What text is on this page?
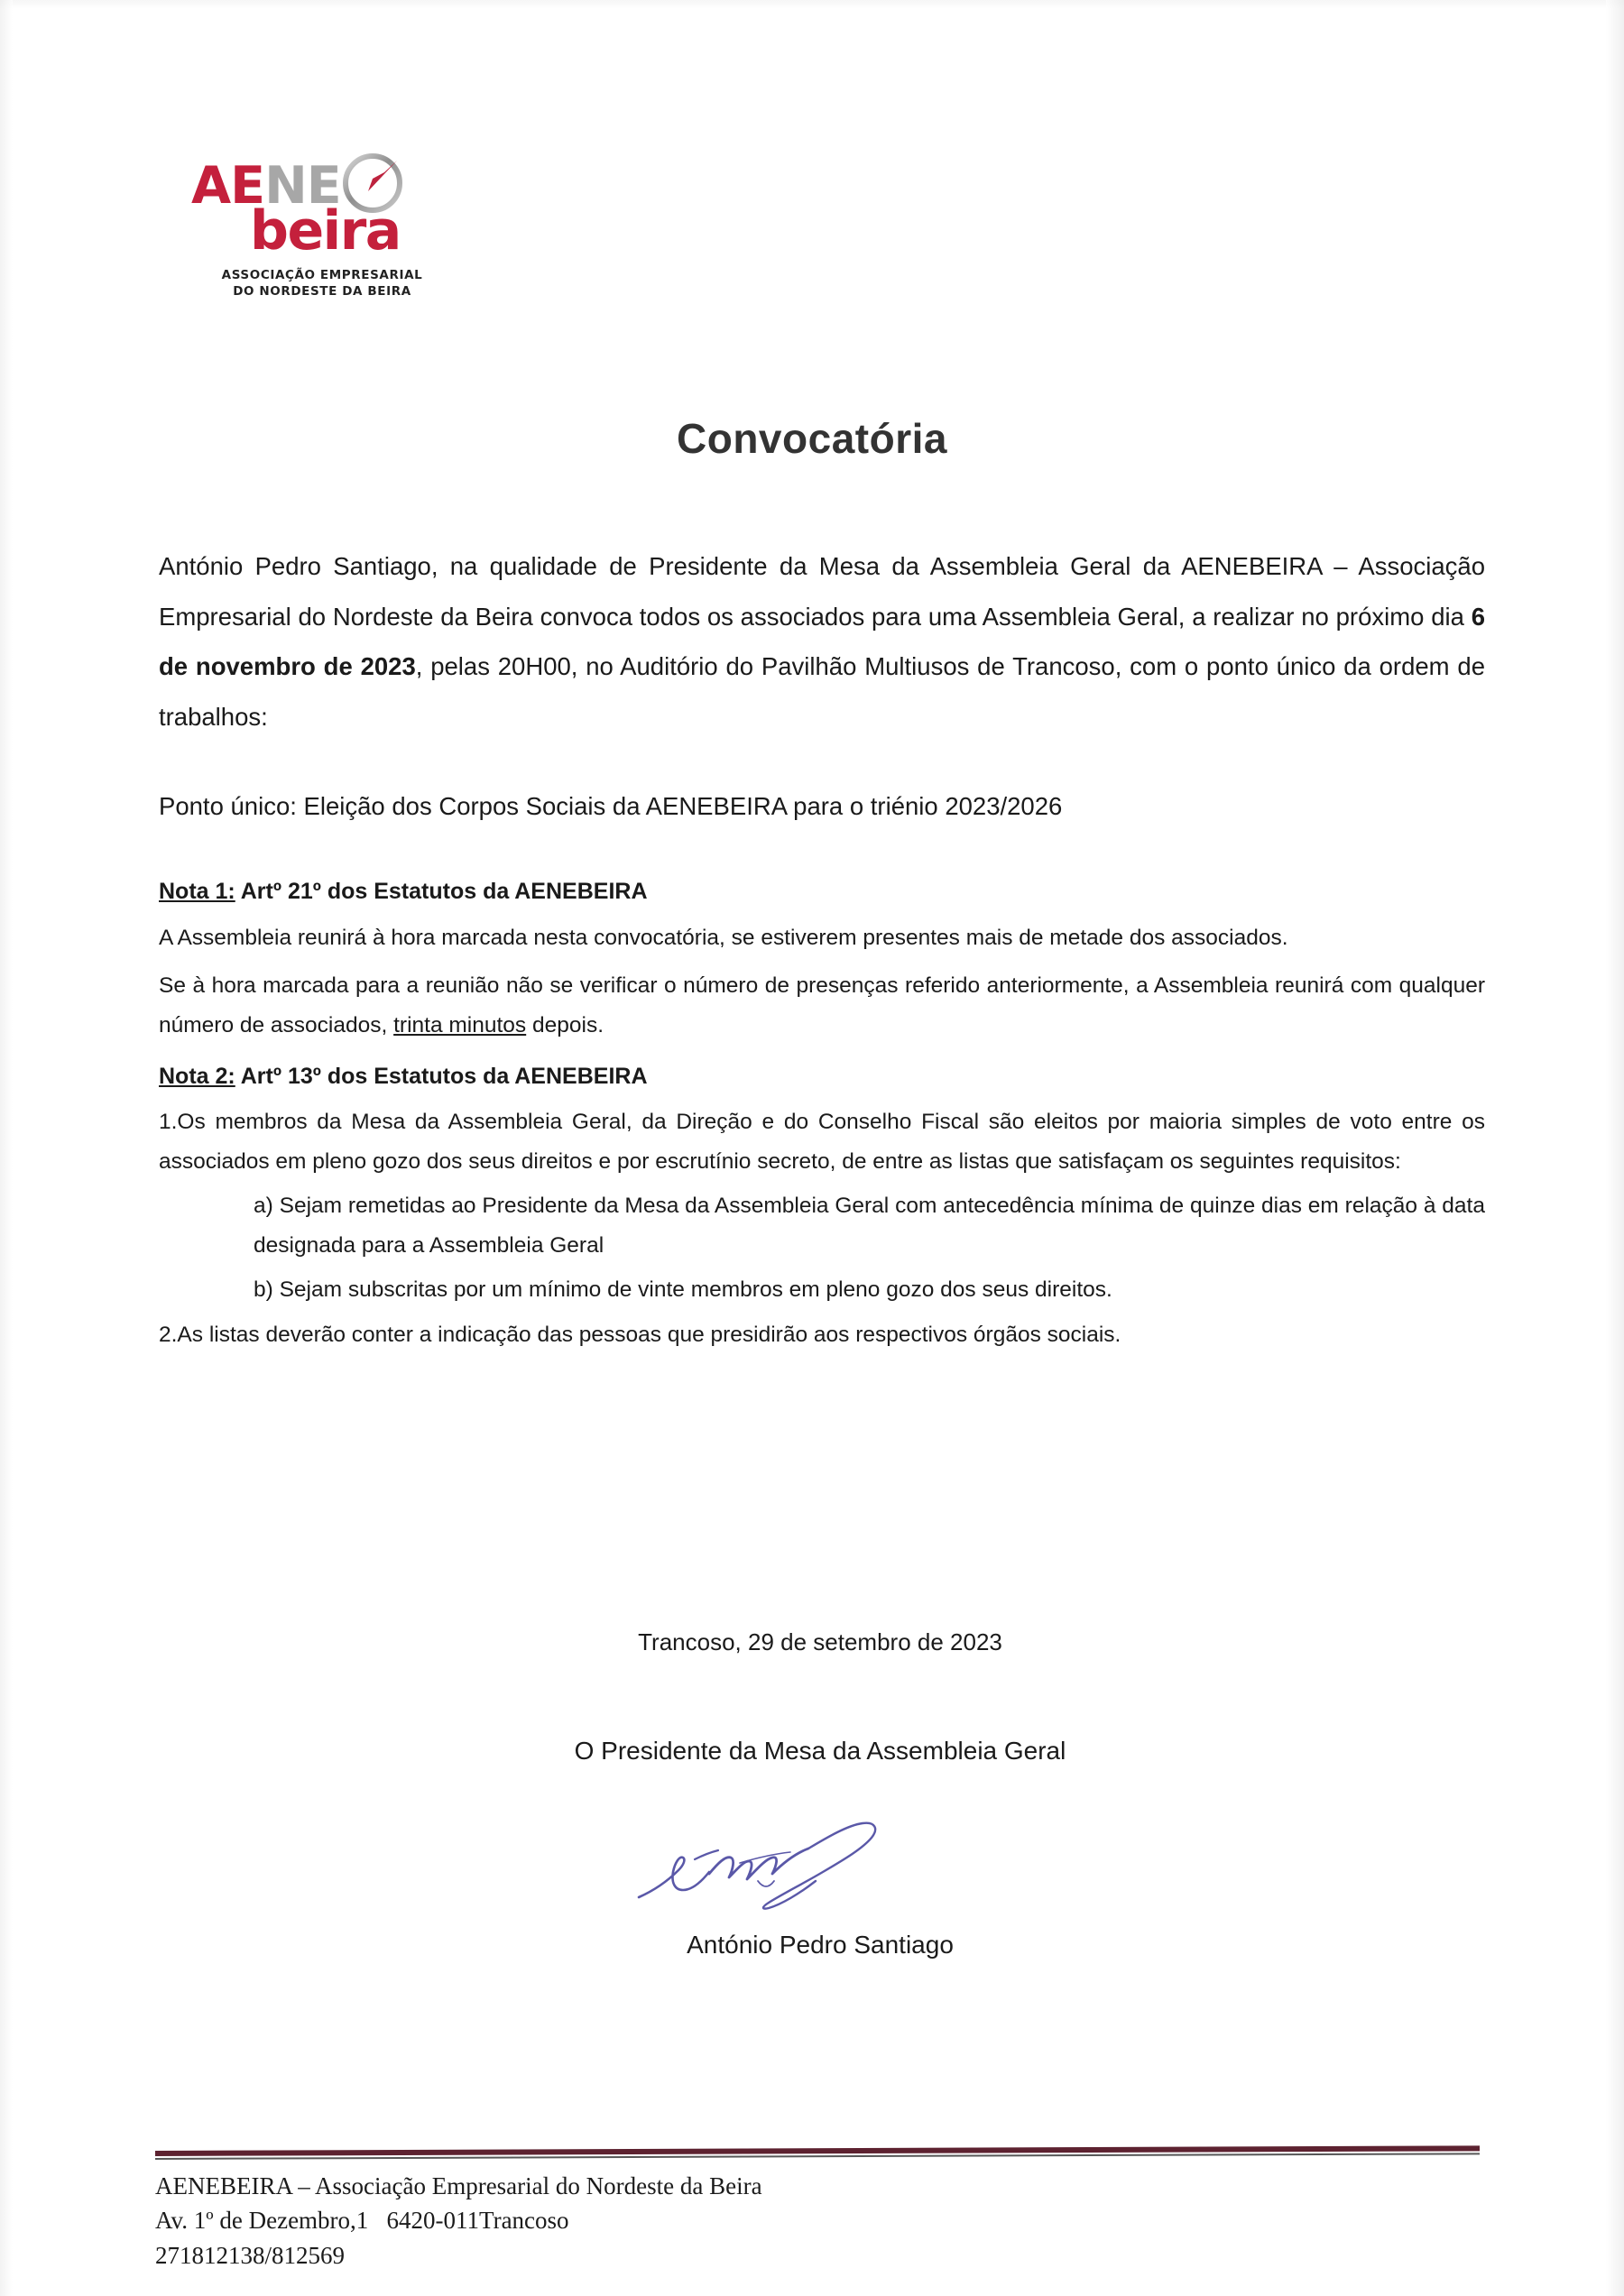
AENE
beira
ASSOCIAÇÃO EMPRESARIAL
DO NORDESTE DA BEIRA
Convocatória

António Pedro Santiago, na qualidade de Presidente da Mesa da Assembleia Geral da AENEBEIRA – Associação Empresarial do Nordeste da Beira convoca todos os associados para uma Assembleia Geral, a realizar no próximo dia 6 de novembro de 2023, pelas 20H00, no Auditório do Pavilhão Multiusos de Trancoso, com o ponto único da ordem de trabalhos:

Ponto único: Eleição dos Corpos Sociais da AENEBEIRA para o triénio 2023/2026

Nota 1: Artº 21º dos Estatutos da AENEBEIRA

A Assembleia reunirá à hora marcada nesta convocatória, se estiverem presentes mais de metade dos associados.

Se à hora marcada para a reunião não se verificar o número de presenças referido anteriormente, a Assembleia reunirá com qualquer número de associados, trinta minutos depois.

Nota 2: Artº 13º dos Estatutos da AENEBEIRA

1.Os membros da Mesa da Assembleia Geral, da Direção e do Conselho Fiscal são eleitos por maioria simples de voto entre os associados em pleno gozo dos seus direitos e por escrutínio secreto, de entre as listas que satisfaçam os seguintes requisitos:

a) Sejam remetidas ao Presidente da Mesa da Assembleia Geral com antecedência mínima de quinze dias em relação à data designada para a Assembleia Geral

b) Sejam subscritas por um mínimo de vinte membros em pleno gozo dos seus direitos.

2.As listas deverão conter a indicação das pessoas que presidirão aos respectivos órgãos sociais.

Trancoso, 29 de setembro de 2023
O Presidente da Mesa da Assembleia Geral
António Pedro Santiago
AENEBEIRA – Associação Empresarial do Nordeste da Beira
Av. 1º de Dezembro,1   6420-011Trancoso
271812138/812569
